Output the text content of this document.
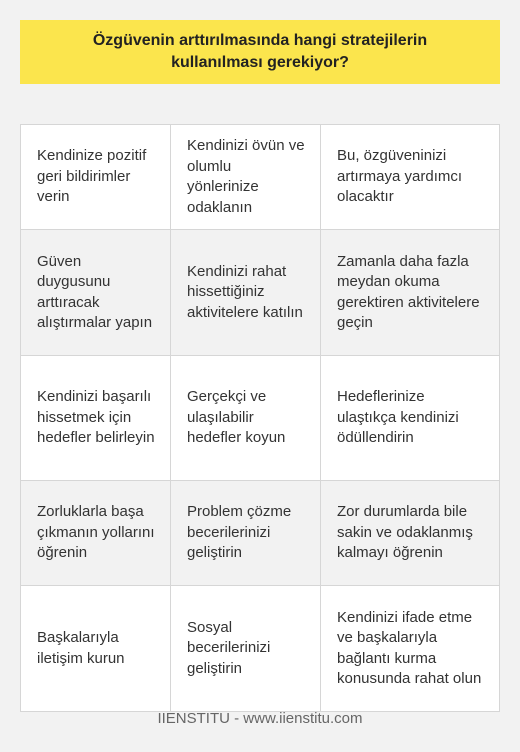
Özgüvenin arttırılmasında hangi stratejilerin kullanılması gerekiyor?
Kendinize pozitif geri bildirimler verin
Kendinizi övün ve olumlu yönlerinize odaklanın
Bu, özgüveninizi artırmaya yardımcı olacaktır
Güven duygusunu arttıracak alıştırmalar yapın
Kendinizi rahat hissettiğiniz aktivitelere katılın
Zamanla daha fazla meydan okuma gerektiren aktivitelere geçin
Kendinizi başarılı hissetmek için hedefler belirleyin
Gerçekçi ve ulaşılabilir hedefler koyun
Hedeflerinize ulaştıkça kendinizi ödüllendirin
Zorluklarla başa çıkmanın yollarını öğrenin
Problem çözme becerilerinizi geliştirin
Zor durumlarda bile sakin ve odaklanmış kalmayı öğrenin
Başkalarıyla iletişim kurun
Sosyal becerilerinizi geliştirin
Kendinizi ifade etme ve başkalarıyla bağlantı kurma konusunda rahat olun
IIENSTITU - www.iienstitu.com
